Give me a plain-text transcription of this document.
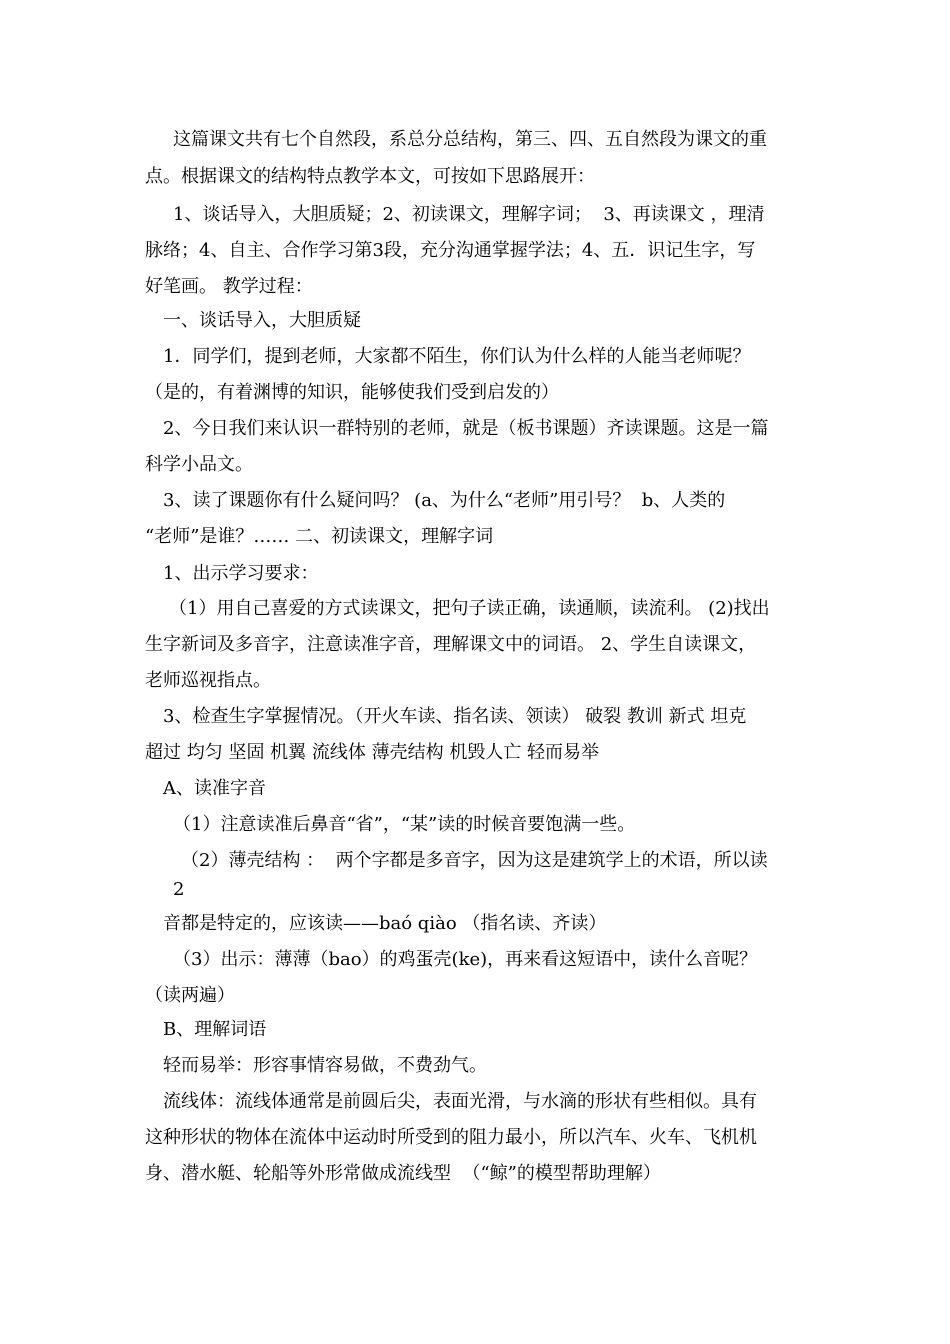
这篇课文共有七个自然段，系总分总结构，第三、四、五自然段为课文的重
点。根据课文的结构特点教学本文，可按如下思路展开：
1、谈话导入，大胆质疑；2、初读课文，理解字词；  3、再读课文 ，理清
脉络；4、自主、合作学习第3段，充分沟通掌握学法；4、五．识记生字，写
好笔画。 教学过程：
一、谈话导入，大胆质疑
1．同学们，提到老师，大家都不陌生，你们认为什么样的人能当老师呢？
（是的，有着渊博的知识，能够使我们受到启发的）
2、今日我们来认识一群特别的老师，就是（板书课题）齐读课题。这是一篇
科学小品文。
3、读了课题你有什么疑问吗？ (a、为什么“老师”用引号？  b、人类的
“老师”是谁？…… 二、初读课文，理解字词
1、出示学习要求：
（1）用自己喜爱的方式读课文，把句子读正确，读通顺，读流利。 (2)找出
生字新词及多音字，注意读准字音，理解课文中的词语。 2、学生自读课文，
老师巡视指点。
3、检查生字掌握情况。（开火车读、指名读、领读） 破裂 教训 新式 坦克
超过 均匀 坚固 机翼 流线体 薄壳结构 机毁人亡 轻而易举
A、读准字音
（1）注意读准后鼻音“省”，“某”读的时候音要饱满一些。
（2）薄壳结构 ：  两个字都是多音字，因为这是建筑学上的术语，所以读
2
音都是特定的，应该读——baó qiào （指名读、齐读）
（3）出示：薄薄（bao）的鸡蛋壳(ke)，再来看这短语中，读什么音呢？
（读两遍）
B、理解词语
轻而易举：形容事情容易做，不费劲气。
流线体：流线体通常是前圆后尖，表面光滑，与水滴的形状有些相似。具有
这种形状的物体在流体中运动时所受到的阻力最小，所以汽车、火车、飞机机
身、潜水艇、轮船等外形常做成流线型  （“鲸”的模型帮助理解）
